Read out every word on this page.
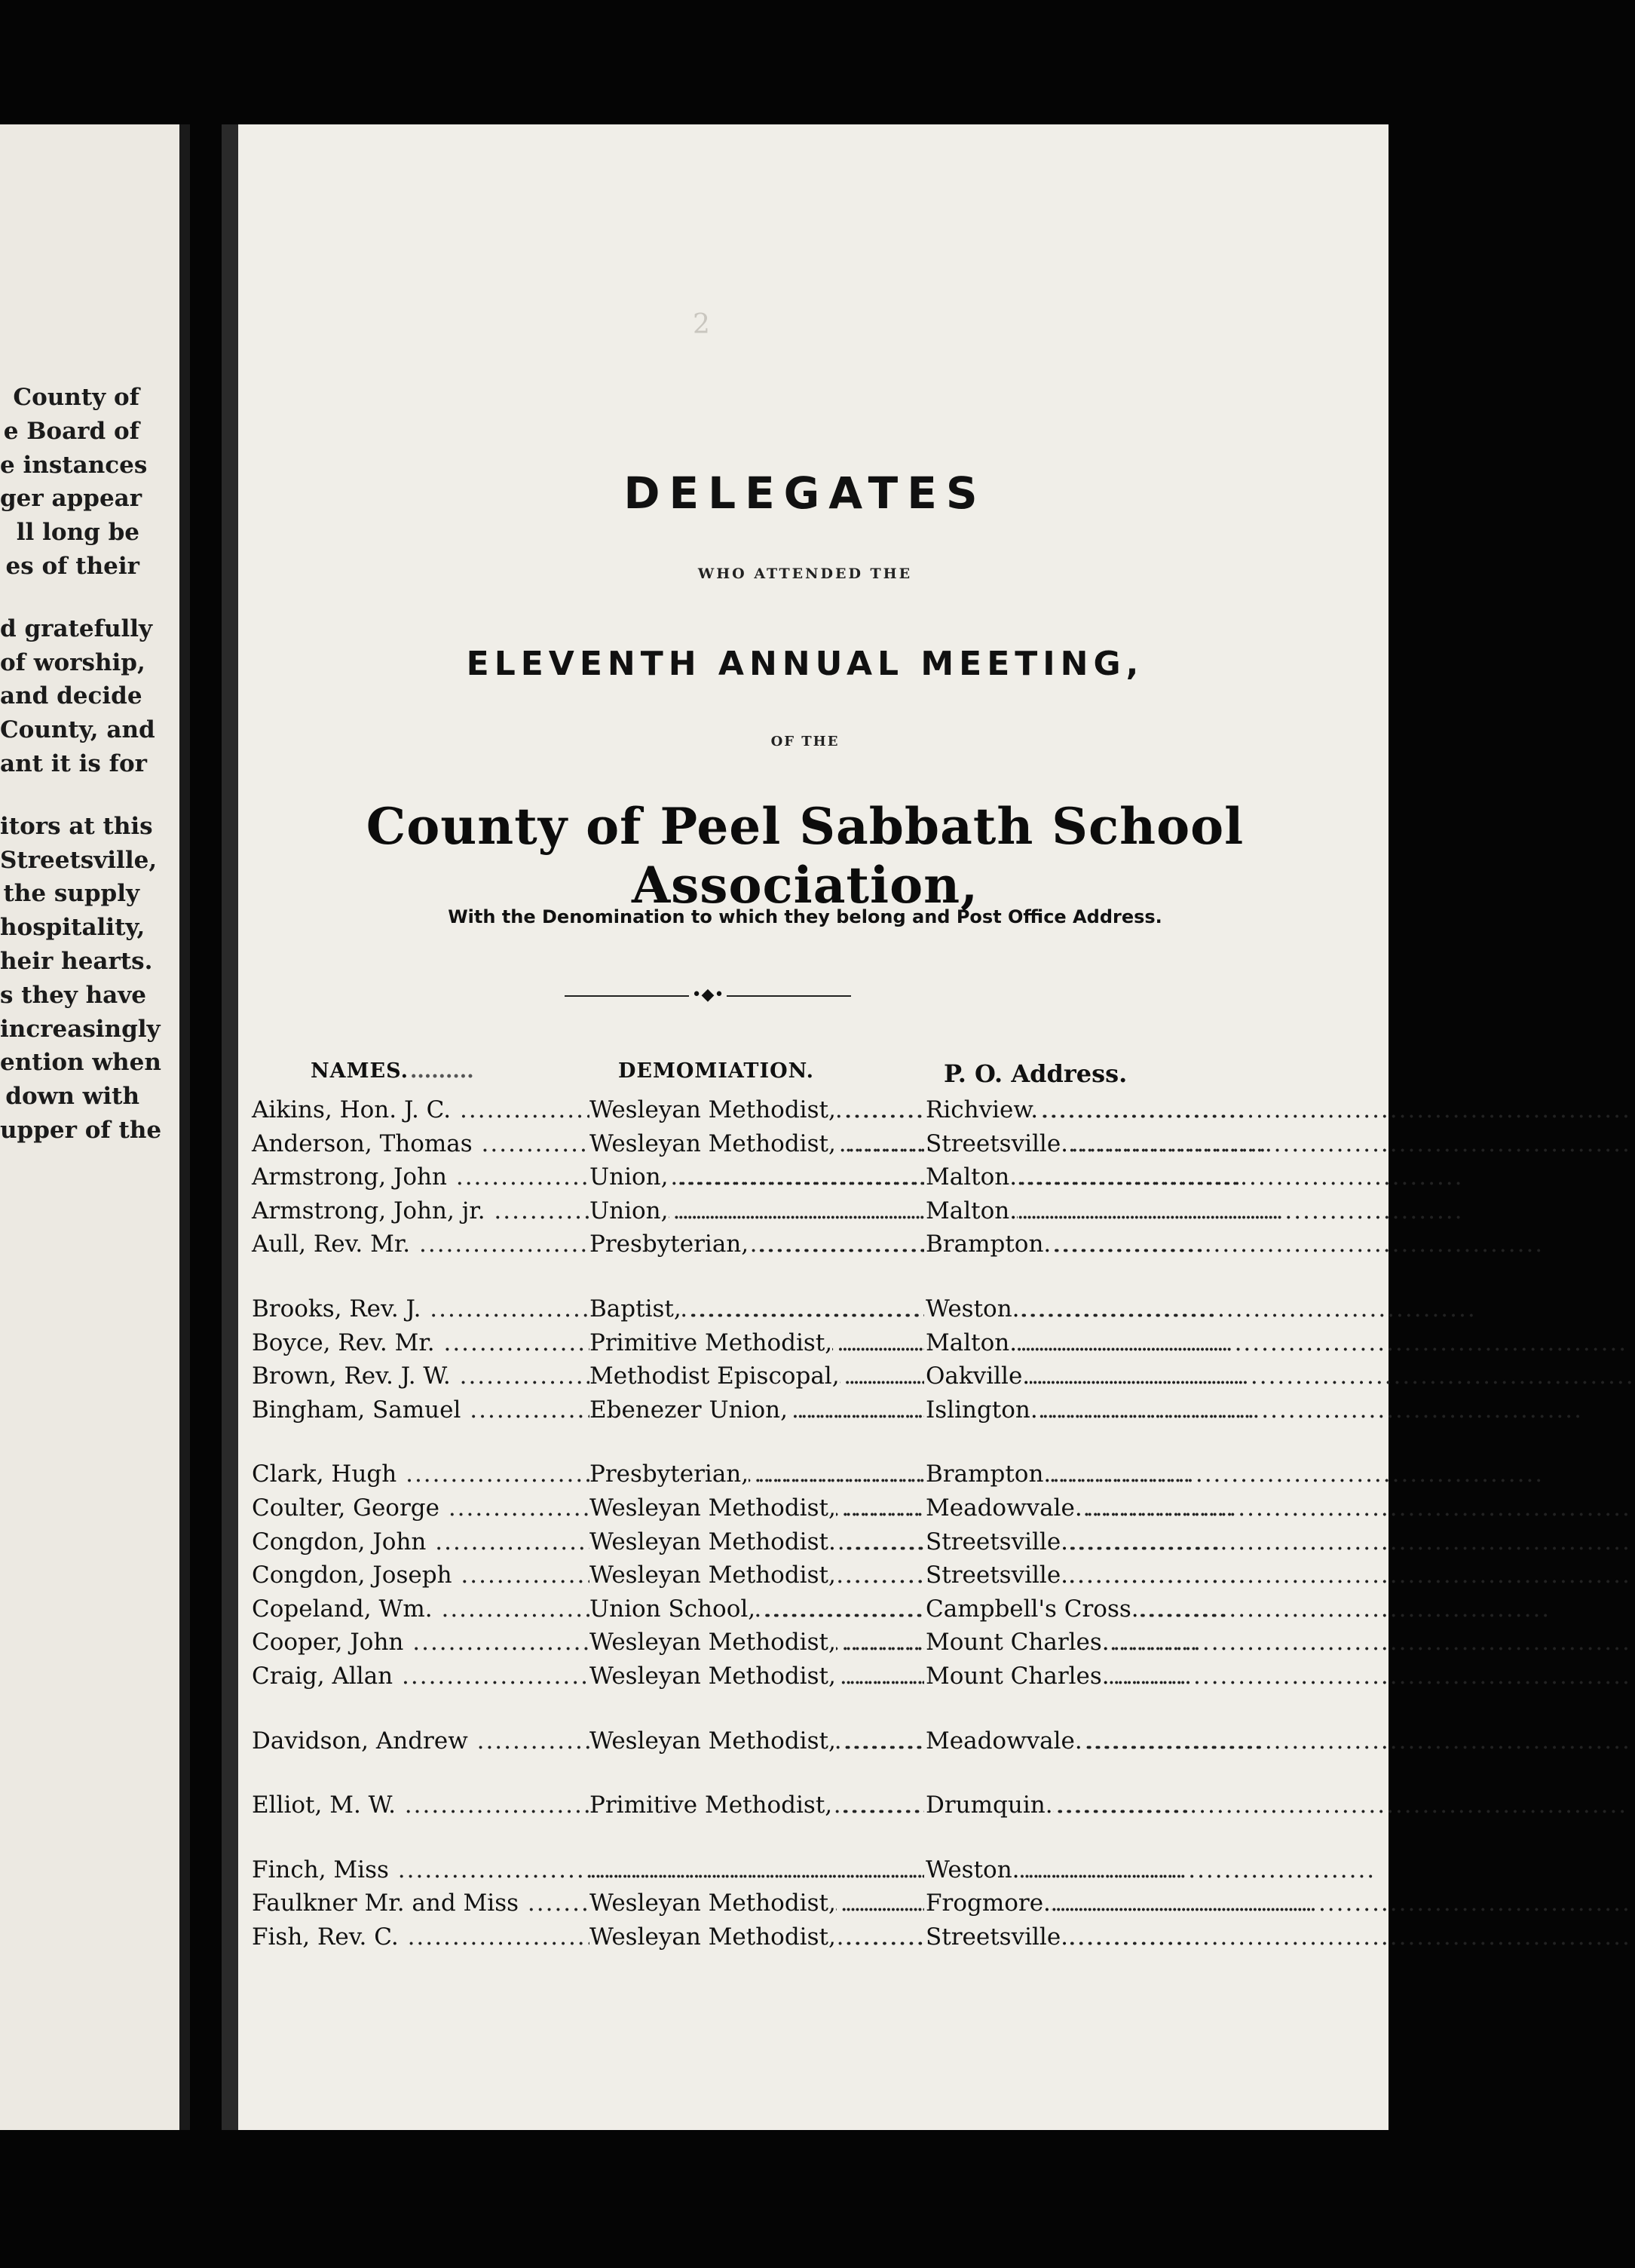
County of
e Board of
e instances
ger appear
ll long be
es of their
d gratefully
of worship,
and decide
County, and
ant it is for
itors at this
Streetsville,
the supply
hospitality,
heir hearts.
s they have
increasingly
ention when
down with
upper of the
2
DELEGATES
WHO ATTENDED THE
ELEVENTH ANNUAL MEETING,
OF THE
County of Peel Sabbath School Association,
With the Denomination to which they belong and Post Office Address.
•◆•
NAMES. .........	DEMOMIATION.	P. O. Address.
Aikins, Hon. J. C. .....	Wesleyan Methodist, .....	Richview.
Anderson, Thomas .....	Wesleyan Methodist, .....	Streetsville.
Armstrong, John .....	Union, .....	Malton.
Armstrong, John, jr. .....	Union, .....	Malton.
Aull, Rev. Mr. .....	Presbyterian, .....	Brampton.
Brooks, Rev. J. .....	Baptist, .....	Weston.
Boyce, Rev. Mr. .....	Primitive Methodist, .....	Malton.
Brown, Rev. J. W. .....	Methodist Episcopal, .....	Oakville.
Bingham, Samuel .....	Ebenezer Union, .....	Islington.
Clark, Hugh .....	Presbyterian, .....	Brampton.
Coulter, George .....	Wesleyan Methodist, .....	Meadowvale.
Congdon, John .....	Wesleyan Methodist. .....	Streetsville.
Congdon, Joseph .....	Wesleyan Methodist, .....	Streetsville.
Copeland, Wm. .....	Union School, .....	Campbell's Cross.
Cooper, John .....	Wesleyan Methodist, .....	Mount Charles.
Craig, Allan .....	Wesleyan Methodist, .....	Mount Charles.
Davidson, Andrew .....	Wesleyan Methodist, .....	Meadowvale.
Elliot, M. W. .....	Primitive Methodist, .....	Drumquin.
Finch, Miss .....
.....	Weston.
Faulkner Mr. and Miss .....	Wesleyan Methodist, .....	Frogmore.
Fish, Rev. C. .....	Wesleyan Methodist, .....	Streetsville.
